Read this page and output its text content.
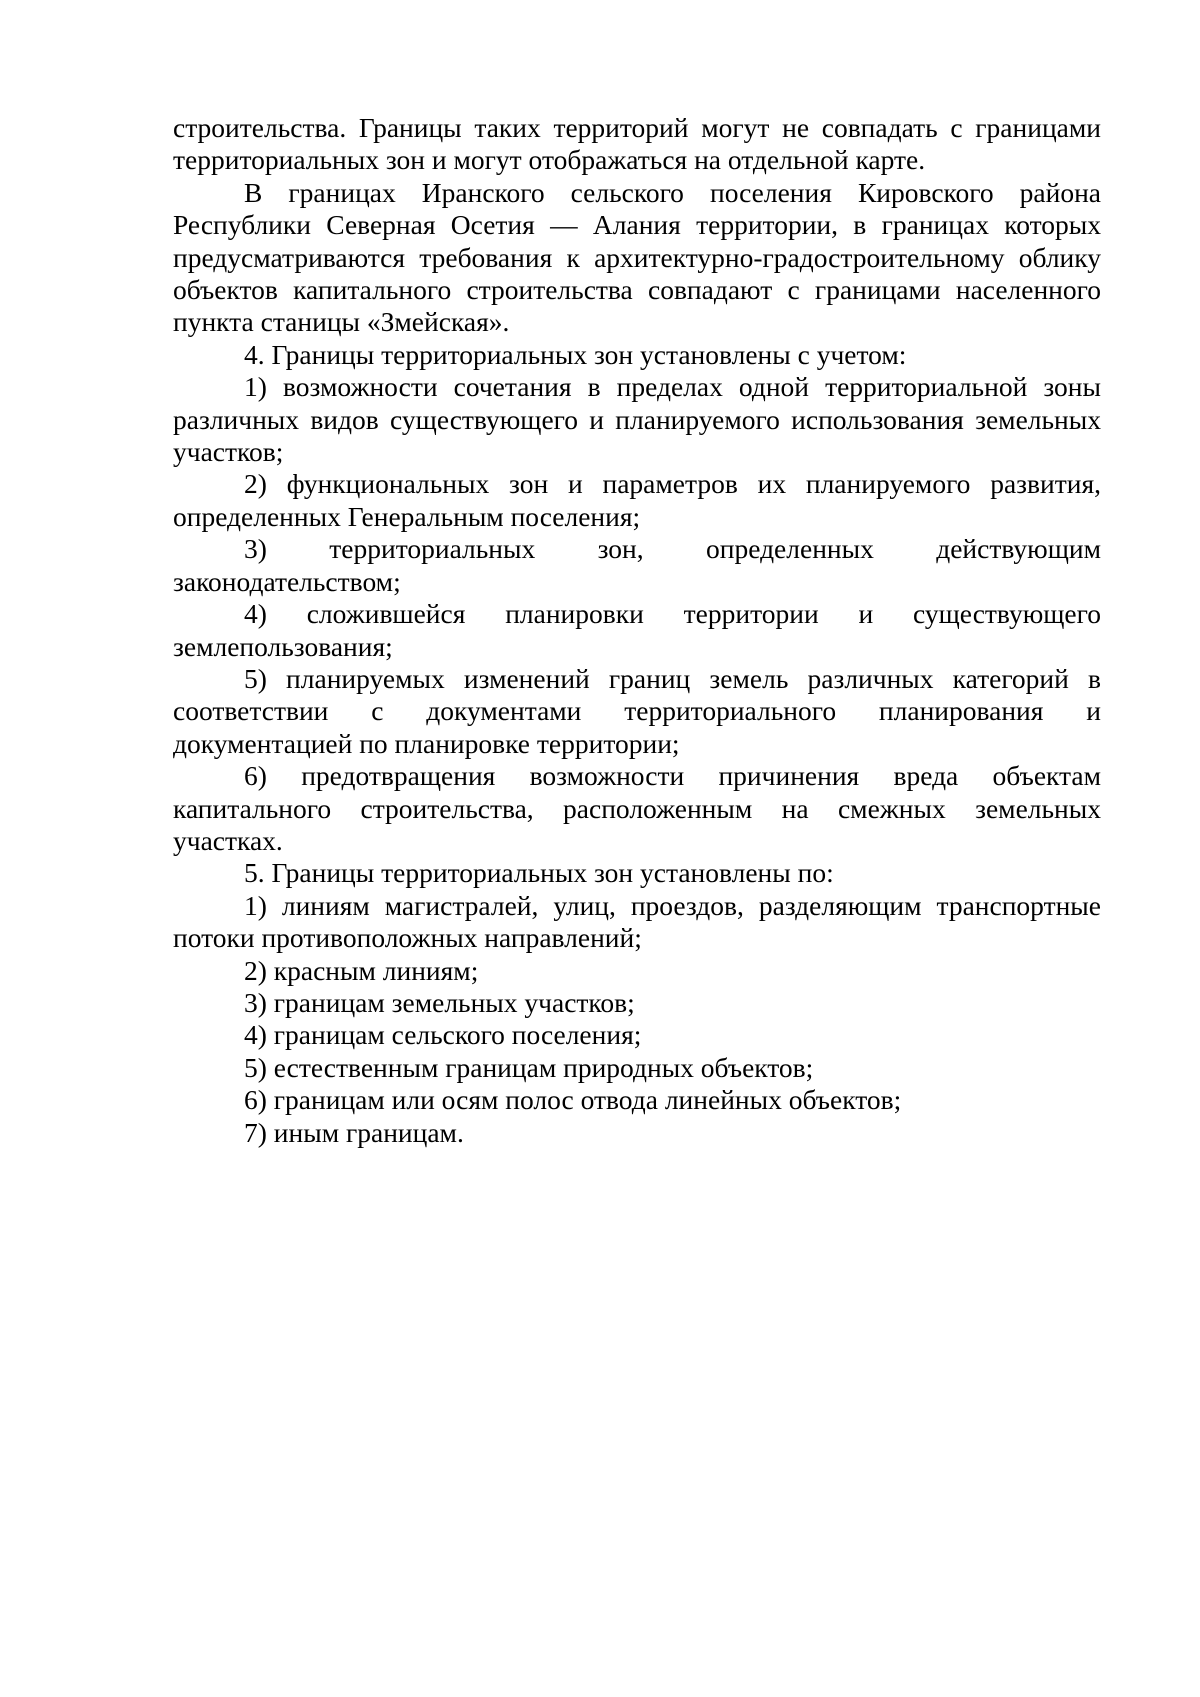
строительства. Границы таких территорий могут не совпадать с границами территориальных зон и могут отображаться на отдельной карте.

В границах Иранского сельского поселения Кировского района Республики Северная Осетия — Алания территории, в границах которых предусматриваются требования к архитектурно-градостроительному облику объектов капитального строительства совпадают с границами населенного пункта станицы «Змейская».

4. Границы территориальных зон установлены с учетом:

1) возможности сочетания в пределах одной территориальной зоны различных видов существующего и планируемого использования земельных участков;

2) функциональных зон и параметров их планируемого развития, определенных Генеральным поселения;

3) территориальных зон, определенных действующим законодательством;

4) сложившейся планировки территории и существующего землепользования;

5) планируемых изменений границ земель различных категорий в соответствии с документами территориального планирования и документацией по планировке территории;

6) предотвращения возможности причинения вреда объектам капитального строительства, расположенным на смежных земельных участках.

5. Границы территориальных зон установлены по:

1) линиям магистралей, улиц, проездов, разделяющим транспортные потоки противоположных направлений;

2) красным линиям;

3) границам земельных участков;

4) границам сельского поселения;

5) естественным границам природных объектов;

6) границам или осям полос отвода линейных объектов;

7) иным границам.
